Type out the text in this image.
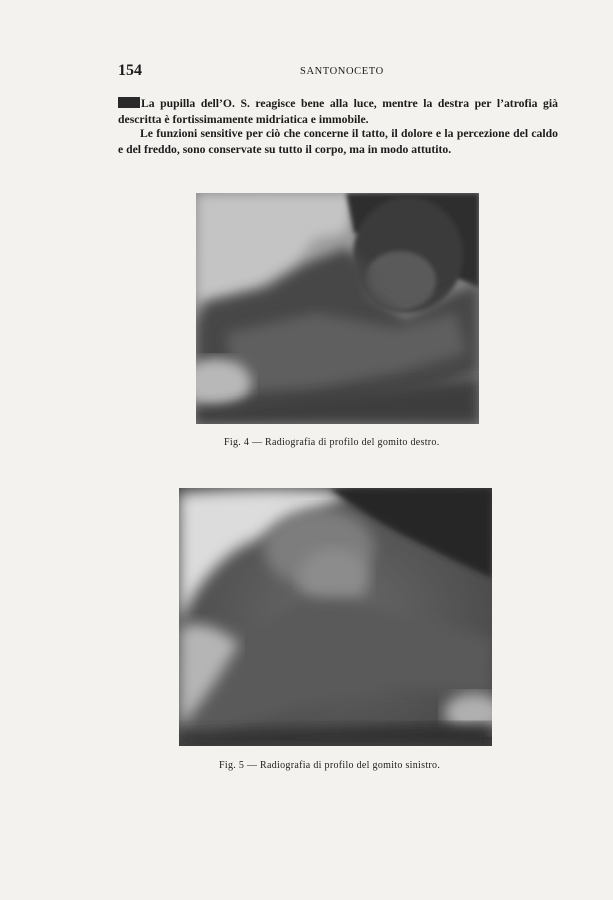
154	SANTONOCETO

La pupilla dell’O. S. reagisce bene alla luce, mentre la destra per l’atrofia già descritta è fortissimamente midriatica e immobile.

Le funzioni sensitive per ciò che concerne il tatto, il dolore e la percezione del caldo e del freddo, sono conservate su tutto il corpo, ma in modo attutito.

Fig. 4 — Radiografia di profilo del gomito destro.
Fig. 5 — Radiografia di profilo del gomito sinistro.
